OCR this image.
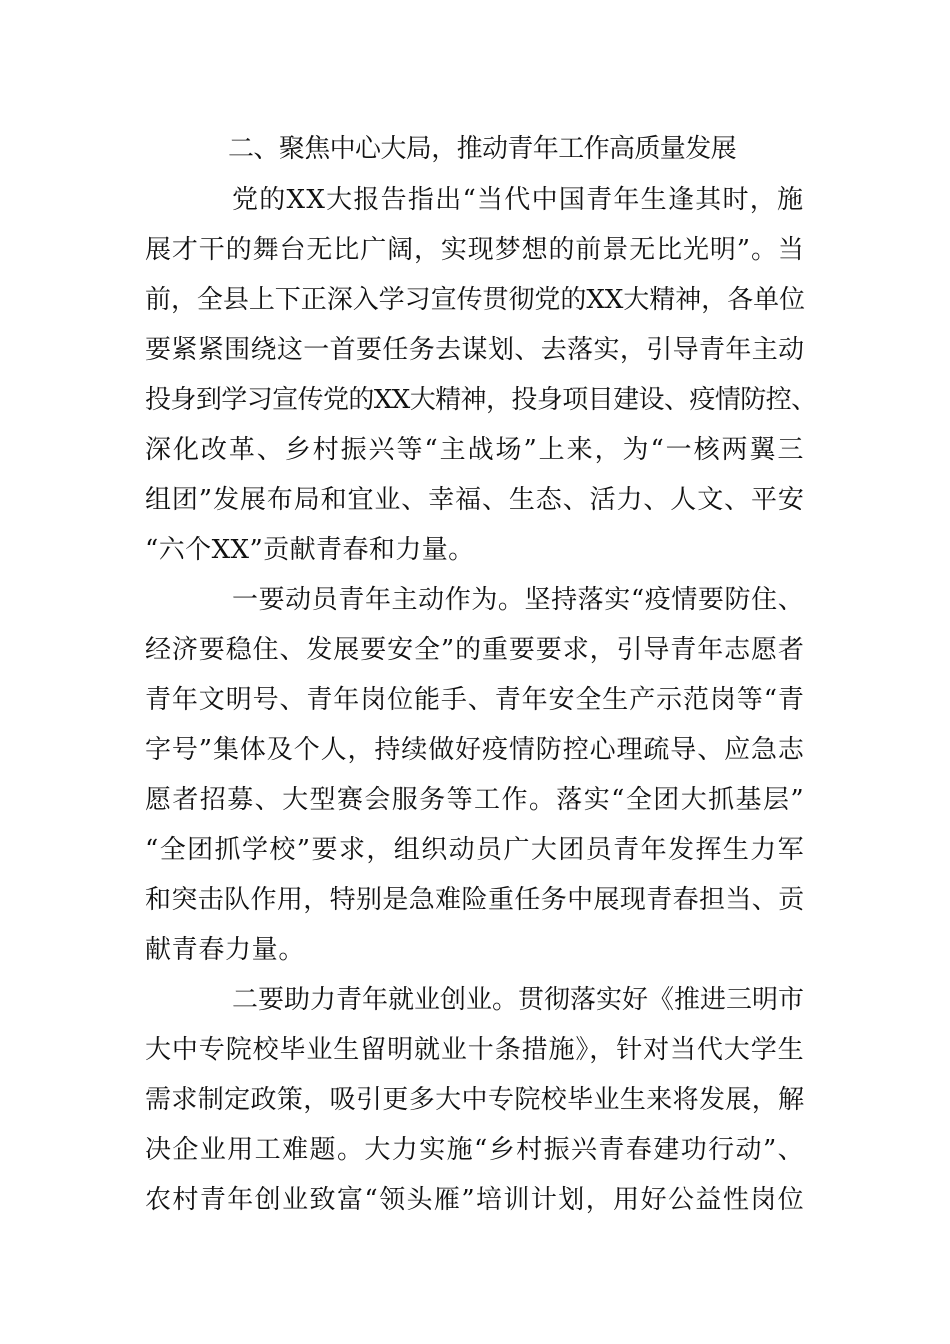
二、聚焦中心大局，推动青年工作高质量发展
党的XX大报告指出“当代中国青年生逢其时，施
展才干的舞台无比广阔，实现梦想的前景无比光明”。当
前，全县上下正深入学习宣传贯彻党的XX大精神，各单位
要紧紧围绕这一首要任务去谋划、去落实，引导青年主动
投身到学习宣传党的XX大精神，投身项目建设、疫情防控、
深化改革、乡村振兴等“主战场”上来，为“一核两翼三
组团”发展布局和宜业、幸福、生态、活力、人文、平安
“六个XX”贡献青春和力量。
一要动员青年主动作为。坚持落实“疫情要防住、
经济要稳住、发展要安全”的重要要求，引导青年志愿者
青年文明号、青年岗位能手、青年安全生产示范岗等“青
字号”集体及个人，持续做好疫情防控心理疏导、应急志
愿者招募、大型赛会服务等工作。落实“全团大抓基层”
“全团抓学校”要求，组织动员广大团员青年发挥生力军
和突击队作用，特别是急难险重任务中展现青春担当、贡
献青春力量。
二要助力青年就业创业。贯彻落实好《推进三明市
大中专院校毕业生留明就业十条措施》，针对当代大学生
需求制定政策，吸引更多大中专院校毕业生来将发展，解
决企业用工难题。大力实施“乡村振兴青春建功行动”、
农村青年创业致富“领头雁”培训计划，用好公益性岗位
